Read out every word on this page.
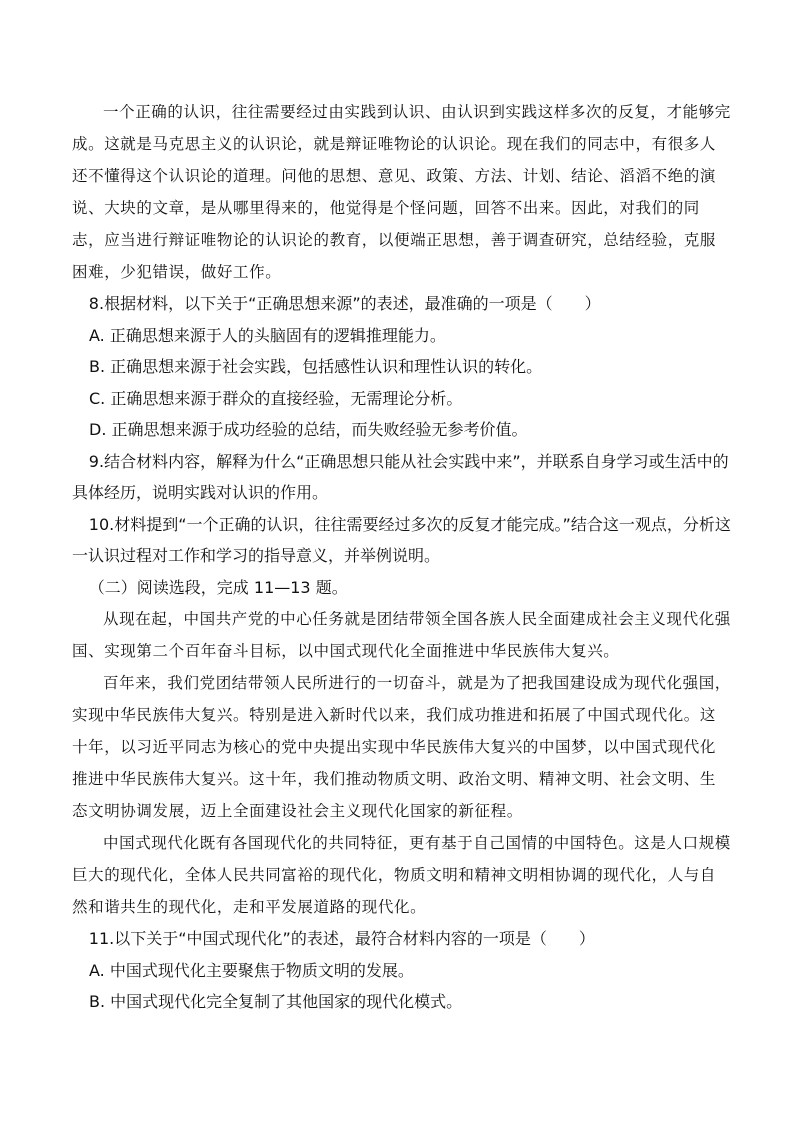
一个正确的认识，往往需要经过由实践到认识、由认识到实践这样多次的反复，才能够完成。这就是马克思主义的认识论，就是辩证唯物论的认识论。现在我们的同志中，有很多人还不懂得这个认识论的道理。问他的思想、意见、政策、方法、计划、结论、滔滔不绝的演说、大块的文章，是从哪里得来的，他觉得是个怪问题，回答不出来。因此，对我们的同志，应当进行辩证唯物论的认识论的教育，以便端正思想，善于调查研究，总结经验，克服困难，少犯错误，做好工作。

8.根据材料，以下关于“正确思想来源”的表述，最准确的一项是（　　）

A. 正确思想来源于人的头脑固有的逻辑推理能力。

B. 正确思想来源于社会实践，包括感性认识和理性认识的转化。

C. 正确思想来源于群众的直接经验，无需理论分析。

D. 正确思想来源于成功经验的总结，而失败经验无参考价值。

9.结合材料内容，解释为什么“正确思想只能从社会实践中来”，并联系自身学习或生活中的具体经历，说明实践对认识的作用。

10.材料提到“一个正确的认识，往往需要经过多次的反复才能完成。”结合这一观点，分析这一认识过程对工作和学习的指导意义，并举例说明。

（二）阅读选段，完成 11—13 题。

从现在起，中国共产党的中心任务就是团结带领全国各族人民全面建成社会主义现代化强国、实现第二个百年奋斗目标，以中国式现代化全面推进中华民族伟大复兴。

百年来，我们党团结带领人民所进行的一切奋斗，就是为了把我国建设成为现代化强国，实现中华民族伟大复兴。特别是进入新时代以来，我们成功推进和拓展了中国式现代化。这十年，以习近平同志为核心的党中央提出实现中华民族伟大复兴的中国梦，以中国式现代化推进中华民族伟大复兴。这十年，我们推动物质文明、政治文明、精神文明、社会文明、生态文明协调发展，迈上全面建设社会主义现代化国家的新征程。

中国式现代化既有各国现代化的共同特征，更有基于自己国情的中国特色。这是人口规模巨大的现代化，全体人民共同富裕的现代化，物质文明和精神文明相协调的现代化，人与自然和谐共生的现代化，走和平发展道路的现代化。

11.以下关于“中国式现代化”的表述，最符合材料内容的一项是（　　）

A. 中国式现代化主要聚焦于物质文明的发展。

B. 中国式现代化完全复制了其他国家的现代化模式。
